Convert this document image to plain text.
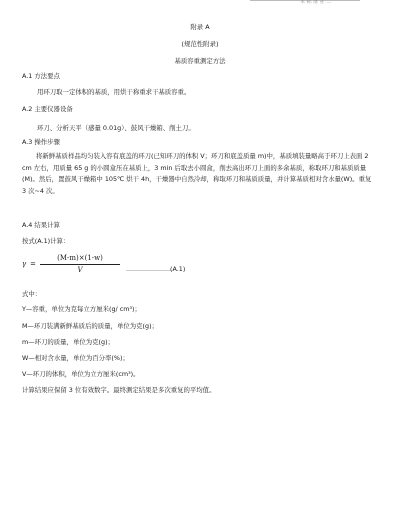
本 标 准 在 …
附录 A
(规范性附录)
基质容重测定方法
A.1 方法要点
用环刀取一定体积的基质，用烘干称重求干基质容重。
A.2 主要仪器设备
环刀、分析天平（感量 0.01g）、鼓风干燥箱、削土刀。
A.3 操作步骤
将新鲜基质样品均匀装入容有底盖的环刀(已知环刀的体积 V；环刀和底盖质量 m)中，基质填装量略高于环刀上表面 2 cm 左右，用质量 65 g 的小圆盒压在基质上，3 min 后取去小圆盒，削去高出环刀上面的多余基质，称取环刀和基质质量(M)。然后，置鼓风干燥箱中 105℃ 烘干 4h，干燥器中自然冷却，称取环刀和基质质量，并计算基质相对含水量(W)。重复 3 次~4 次。
A.4 结果计算
按式(A.1)计算：
γ =
(M-m)×(1-w)
V	……………………
(A.1)
式中：
Y—容重，单位为克每立方厘米(g/ cm³)；
M—环刀装满新鲜基质后的质量，单位为克(g)；
m—环刀的质量，单位为克(g)；
W—相对含水量，单位为百分率(%)；
V—环刀的体积，单位为立方厘米(cm³)。
计算结果应保留 3 位有效数字。最终测定结果是多次重复的平均值。
